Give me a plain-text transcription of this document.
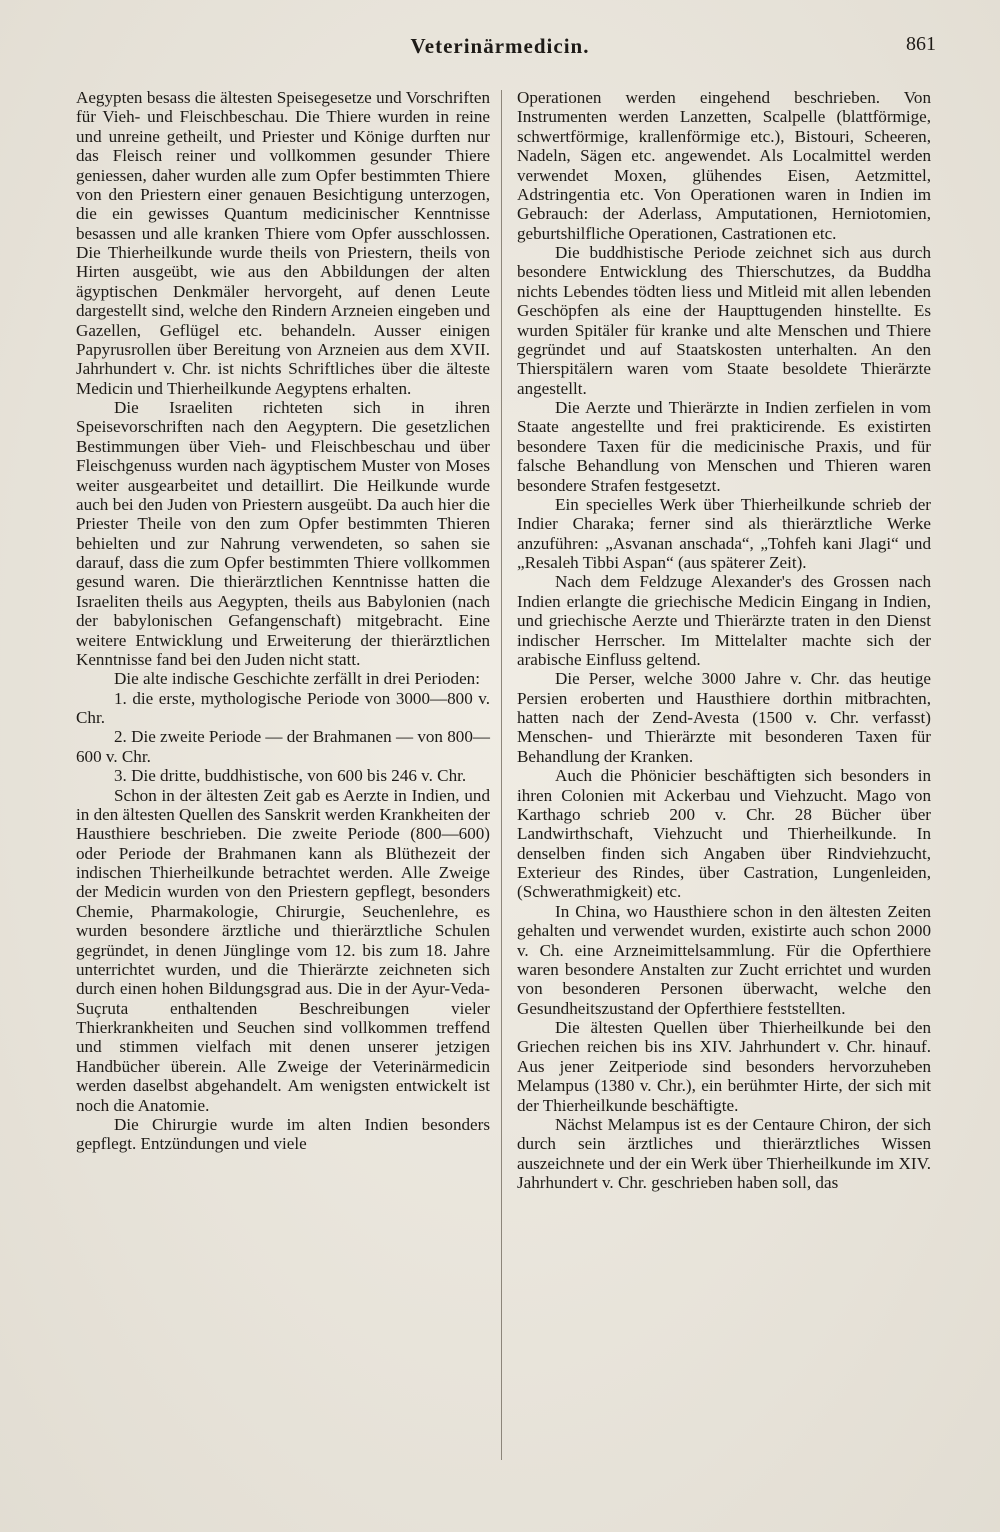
Veterinärmedicin.	861

Aegypten besass die ältesten Speisegesetze und Vorschriften für Vieh- und Fleischbeschau. Die Thiere wurden in reine und unreine getheilt, und Priester und Könige durften nur das Fleisch reiner und vollkommen gesunder Thiere geniessen, daher wurden alle zum Opfer bestimmten Thiere von den Priestern einer genauen Besichtigung unterzogen, die ein gewisses Quantum medicinischer Kenntnisse besassen und alle kranken Thiere vom Opfer ausschlossen. Die Thierheilkunde wurde theils von Priestern, theils von Hirten ausgeübt, wie aus den Abbildungen der alten ägyptischen Denkmäler hervorgeht, auf denen Leute dargestellt sind, welche den Rindern Arzneien eingeben und Gazellen, Geflügel etc. behandeln. Ausser einigen Papyrusrollen über Bereitung von Arzneien aus dem XVII. Jahrhundert v. Chr. ist nichts Schriftliches über die älteste Medicin und Thierheilkunde Aegyptens erhalten.

Die Israeliten richteten sich in ihren Speisevorschriften nach den Aegyptern. Die gesetzlichen Bestimmungen über Vieh- und Fleischbeschau und über Fleischgenuss wurden nach ägyptischem Muster von Moses weiter ausgearbeitet und detaillirt. Die Heilkunde wurde auch bei den Juden von Priestern ausgeübt. Da auch hier die Priester Theile von den zum Opfer bestimmten Thieren behielten und zur Nahrung verwendeten, so sahen sie darauf, dass die zum Opfer bestimmten Thiere vollkommen gesund waren. Die thierärztlichen Kenntnisse hatten die Israeliten theils aus Aegypten, theils aus Babylonien (nach der babylonischen Gefangenschaft) mitgebracht. Eine weitere Entwicklung und Erweiterung der thierärztlichen Kenntnisse fand bei den Juden nicht statt.

Die alte indische Geschichte zerfällt in drei Perioden:

1. die erste, mythologische Periode von 3000—800 v. Chr.

2. Die zweite Periode — der Brahmanen — von 800—600 v. Chr.

3. Die dritte, buddhistische, von 600 bis 246 v. Chr.

Schon in der ältesten Zeit gab es Aerzte in Indien, und in den ältesten Quellen des Sanskrit werden Krankheiten der Hausthiere beschrieben. Die zweite Periode (800—600) oder Periode der Brahmanen kann als Blüthezeit der indischen Thierheilkunde betrachtet werden. Alle Zweige der Medicin wurden von den Priestern gepflegt, besonders Chemie, Pharmakologie, Chirurgie, Seuchenlehre, es wurden besondere ärztliche und thierärztliche Schulen gegründet, in denen Jünglinge vom 12. bis zum 18. Jahre unterrichtet wurden, und die Thierärzte zeichneten sich durch einen hohen Bildungsgrad aus. Die in der Ayur-Veda-Suçruta enthaltenden Beschreibungen vieler Thierkrankheiten und Seuchen sind vollkommen treffend und stimmen vielfach mit denen unserer jetzigen Handbücher überein. Alle Zweige der Veterinärmedicin werden daselbst abgehandelt. Am wenigsten entwickelt ist noch die Anatomie.

Die Chirurgie wurde im alten Indien besonders gepflegt. Entzündungen und viele

Operationen werden eingehend beschrieben. Von Instrumenten werden Lanzetten, Scalpelle (blattförmige, schwertförmige, krallenförmige etc.), Bistouri, Scheeren, Nadeln, Sägen etc. angewendet. Als Localmittel werden verwendet Moxen, glühendes Eisen, Aetzmittel, Adstringentia etc. Von Operationen waren in Indien im Gebrauch: der Aderlass, Amputationen, Herniotomien, geburtshilfliche Operationen, Castrationen etc.

Die buddhistische Periode zeichnet sich aus durch besondere Entwicklung des Thierschutzes, da Buddha nichts Lebendes tödten liess und Mitleid mit allen lebenden Geschöpfen als eine der Haupttugenden hinstellte. Es wurden Spitäler für kranke und alte Menschen und Thiere gegründet und auf Staatskosten unterhalten. An den Thierspitälern waren vom Staate besoldete Thierärzte angestellt.

Die Aerzte und Thierärzte in Indien zerfielen in vom Staate angestellte und frei prakticirende. Es existirten besondere Taxen für die medicinische Praxis, und für falsche Behandlung von Menschen und Thieren waren besondere Strafen festgesetzt.

Ein specielles Werk über Thierheilkunde schrieb der Indier Charaka; ferner sind als thierärztliche Werke anzuführen: „Asvanan anschada“, „Tohfeh kani Jlagi“ und „Resaleh Tibbi Aspan“ (aus späterer Zeit).

Nach dem Feldzuge Alexander's des Grossen nach Indien erlangte die griechische Medicin Eingang in Indien, und griechische Aerzte und Thierärzte traten in den Dienst indischer Herrscher. Im Mittelalter machte sich der arabische Einfluss geltend.

Die Perser, welche 3000 Jahre v. Chr. das heutige Persien eroberten und Hausthiere dorthin mitbrachten, hatten nach der Zend-Avesta (1500 v. Chr. verfasst) Menschen- und Thierärzte mit besonderen Taxen für Behandlung der Kranken.

Auch die Phönicier beschäftigten sich besonders in ihren Colonien mit Ackerbau und Viehzucht. Mago von Karthago schrieb 200 v. Chr. 28 Bücher über Landwirthschaft, Viehzucht und Thierheilkunde. In denselben finden sich Angaben über Rindviehzucht, Exterieur des Rindes, über Castration, Lungenleiden, (Schwerathmigkeit) etc.

In China, wo Hausthiere schon in den ältesten Zeiten gehalten und verwendet wurden, existirte auch schon 2000 v. Ch. eine Arzneimittelsammlung. Für die Opferthiere waren besondere Anstalten zur Zucht errichtet und wurden von besonderen Personen überwacht, welche den Gesundheitszustand der Opferthiere feststellten.

Die ältesten Quellen über Thierheilkunde bei den Griechen reichen bis ins XIV. Jahrhundert v. Chr. hinauf. Aus jener Zeitperiode sind besonders hervorzuheben Melampus (1380 v. Chr.), ein berühmter Hirte, der sich mit der Thierheilkunde beschäftigte.

Nächst Melampus ist es der Centaure Chiron, der sich durch sein ärztliches und thierärztliches Wissen auszeichnete und der ein Werk über Thierheilkunde im XIV. Jahrhundert v. Chr. geschrieben haben soll, das
